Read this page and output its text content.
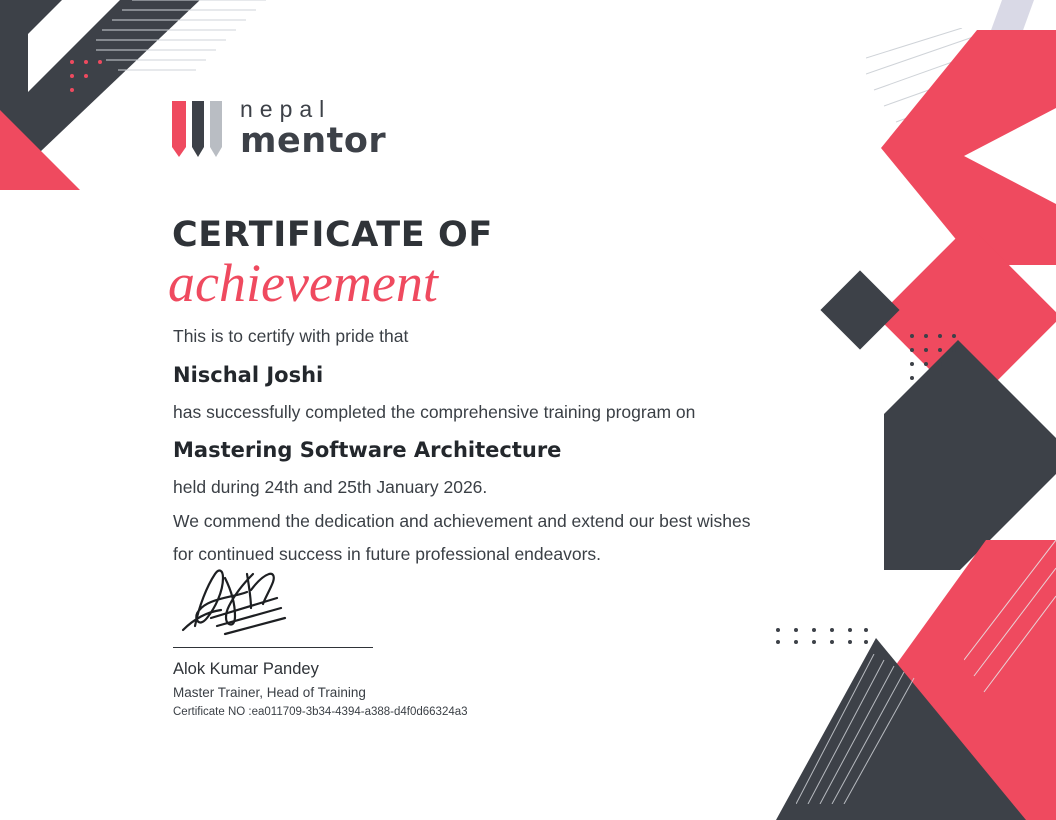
nepal
mentor
CERTIFICATE OF
achievement
This is to certify with pride that
Nischal Joshi
has successfully completed the comprehensive training program on
Mastering Software Architecture
held during 24th and 25th January 2026.
We commend the dedication and achievement and extend our best wishes
for continued success in future professional endeavors.
Alok Kumar Pandey
Master Trainer, Head of Training
Certificate NO :ea011709-3b34-4394-a388-d4f0d66324a3
